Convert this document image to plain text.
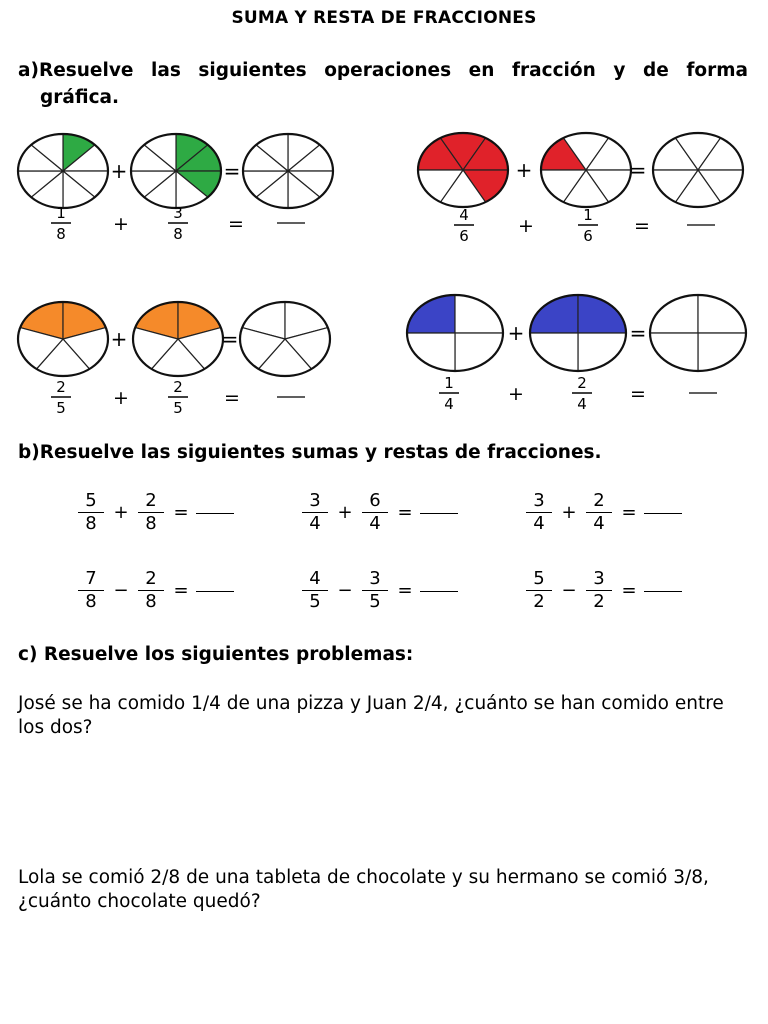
SUMA Y RESTA DE FRACCIONES
a) Resuelve las siguientes operaciones en fracción y de forma
gráfica.
+	=
1
8 +	3
8 =
+	=
4
6	+	1
6 =
+	=
2
5 +	2
5 =
+	=
1
4	+	2
4 =
b)Resuelve las siguientes sumas y restas de fracciones.
$\frac{5}{8} + \frac{2}{8}$ =	$\frac{3}{4} + \frac{6}{4}$ =	$\frac{3}{4} + \frac{2}{4}$ =
$\frac{7}{8} - \frac{2}{8}$ =	$\frac{4}{5} - \frac{3}{5}$ =	$\frac{5}{2} - \frac{3}{2}$ =
c) Resuelve los siguientes problemas:
José se ha comido 1/4 de una pizza y Juan 2/4, ¿cuánto se han comido entre los dos?
Lola se comió 2/8 de una tableta de chocolate y su hermano se comió 3/8, ¿cuánto chocolate quedó?
